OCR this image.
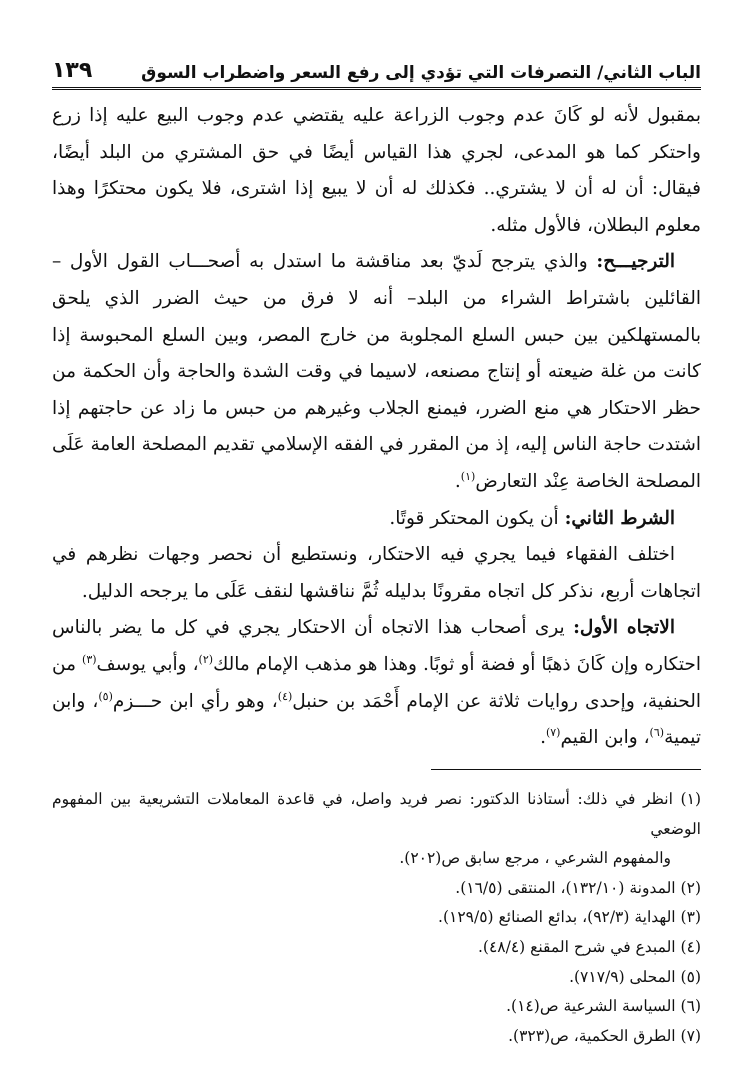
١٣٩	الباب الثاني/ التصرفات التي تؤدي إلى رفع السعر واضطراب السوق

بمقبول لأنه لو كَانَ عدم وجوب الزراعة عليه يقتضي عدم وجوب البيع عليه إذا زرع واحتكر كما هو المدعى، لجري هذا القياس أيضًا في حق المشتري من البلد أيضًا، فيقال: أن له أن لا يشتري.. فكذلك له أن لا يبيع إذا اشترى، فلا يكون محتكرًا وهذا معلوم البطلان، فالأول مثله.

الترجيـــح: والذي يترجح لَديّ بعد مناقشة ما استدل به أصحـــاب القول الأول –القائلين باشتراط الشراء من البلد– أنه لا فرق من حيث الضرر الذي يلحق بالمستهلكين بين حبس السلع المجلوبة من خارج المصر، وبين السلع المحبوسة إذا كانت من غلة ضيعته أو إنتاج مصنعه، لاسيما في وقت الشدة والحاجة وأن الحكمة من حظر الاحتكار هي منع الضرر، فيمنع الجلاب وغيرهم من حبس ما زاد عن حاجتهم إذا اشتدت حاجة الناس إليه، إذ من المقرر في الفقه الإسلامي تقديم المصلحة العامة عَلَى المصلحة الخاصة عِنْد التعارض$^{(١)}$.

الشرط الثاني: أن يكون المحتكر قوتًا.

اختلف الفقهاء فيما يجري فيه الاحتكار، ونستطيع أن نحصر وجهات نظرهم في اتجاهات أربع، نذكر كل اتجاه مقرونًا بدليله ثُمَّ نناقشها لنقف عَلَى ما يرجحه الدليل.

الاتجاه الأول: يرى أصحاب هذا الاتجاه أن الاحتكار يجري في كل ما يضر بالناس احتكاره وإن كَانَ ذهبًا أو فضة أو ثوبًا. وهذا هو مذهب الإمام مالك$^{(٢)}$، وأبي يوسف$^{(٣)}$ من الحنفية، وإحدى روايات ثلاثة عن الإمام أَحْمَد بن حنبل$^{(٤)}$، وهو رأي ابن حـــزم$^{(٥)}$، وابن تيمية$^{(٦)}$، وابن القيم$^{(٧)}$.

(١) انظر في ذلك: أستاذنا الدكتور: نصر فريد واصل، في قاعدة المعاملات التشريعية بين المفهوم الوضعي

والمفهوم الشرعي ، مرجع سابق ص(٢٠٢).

(٢) المدونة (١٣٢/١٠)، المنتقى (١٦/٥).

(٣) الهداية (٩٢/٣)، بدائع الصنائع (١٢٩/٥).

(٤) المبدع في شرح المقنع (٤٨/٤).

(٥) المحلى (٧١٧/٩).

(٦) السياسة الشرعية ص(١٤).

(٧) الطرق الحكمية، ص(٣٢٣).
